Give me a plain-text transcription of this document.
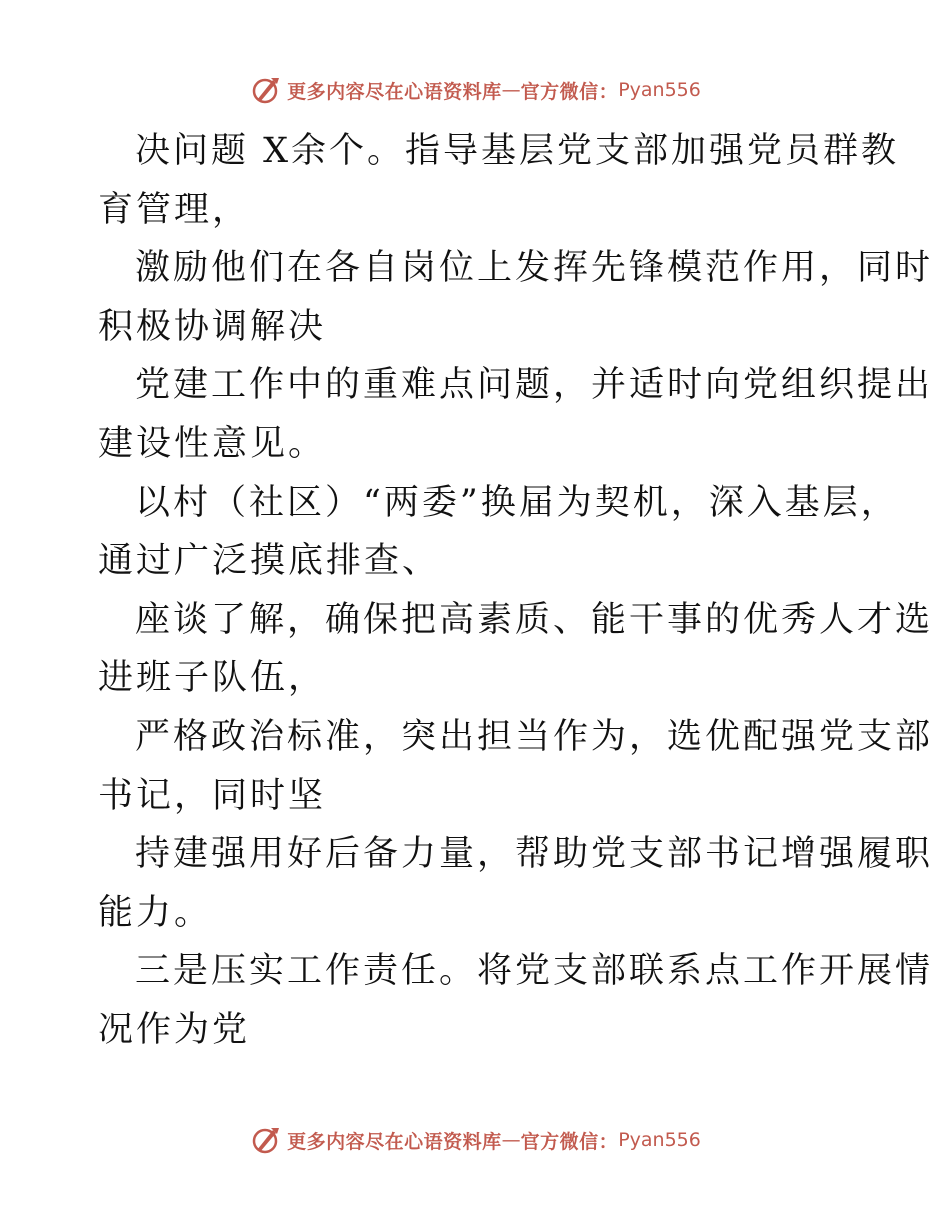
更多内容尽在心语资料库 — 官方微信： Pyan556
决问题 X余个。指导基层党支部加强党员群教
育管理，
激励他们在各自岗位上发挥先锋模范作用，同时
积极协调解决
党建工作中的重难点问题，并适时向党组织提出
建设性意见。
以村（社区）“两委”换届为契机，深入基层，
通过广泛摸底排查、
座谈了解，确保把高素质、能干事的优秀人才选
进班子队伍，
严格政治标准，突出担当作为，选优配强党支部
书记，同时坚
持建强用好后备力量，帮助党支部书记增强履职
能力。
三是压实工作责任。将党支部联系点工作开展情
况作为党
更多内容尽在心语资料库 — 官方微信： Pyan556
